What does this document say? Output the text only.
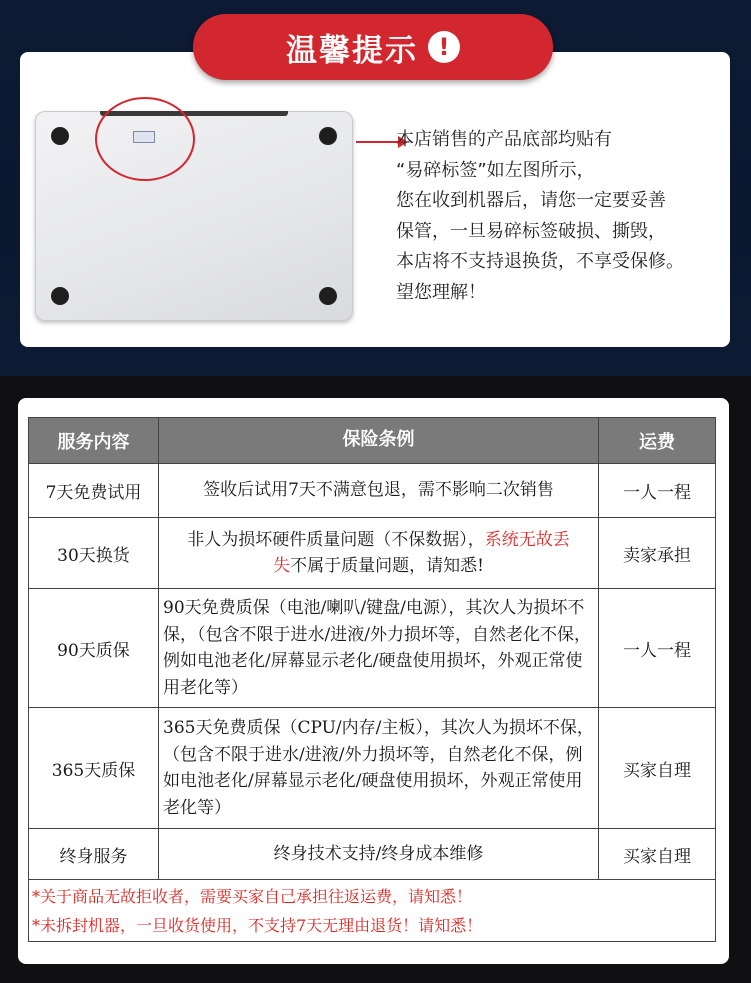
本店销售的产品底部均贴有
“易碎标签”如左图所示，
您在收到机器后，请您一定要妥善
保管，一旦易碎标签破损、撕毁，
本店将不支持退换货，不享受保修。
望您理解！
温馨提示 !
服务内容	保险条例	运费
7天免费试用	签收后试用7天不满意包退，需不影响二次销售	一人一程
30天换货	非人为损坏硬件质量问题（不保数据），系统无故丢失不属于质量问题，请知悉!	卖家承担
90天质保	90天免费质保（电池/喇叭/键盘/电源），其次人为损坏不保，（包含不限于进水/进液/外力损坏等，自然老化不保，例如电池老化/屏幕显示老化/硬盘使用损坏，外观正常使用老化等）	一人一程
365天质保	365天免费质保（CPU/内存/主板），其次人为损坏不保，（包含不限于进水/进液/外力损坏等，自然老化不保，例如电池老化/屏幕显示老化/硬盘使用损坏，外观正常使用老化等）	买家自理
终身服务	终身技术支持/终身成本维修	买家自理

*关于商品无故拒收者，需要买家自己承担往返运费，请知悉！
*未拆封机器，一旦收货使用，不支持7天无理由退货！请知悉！		
